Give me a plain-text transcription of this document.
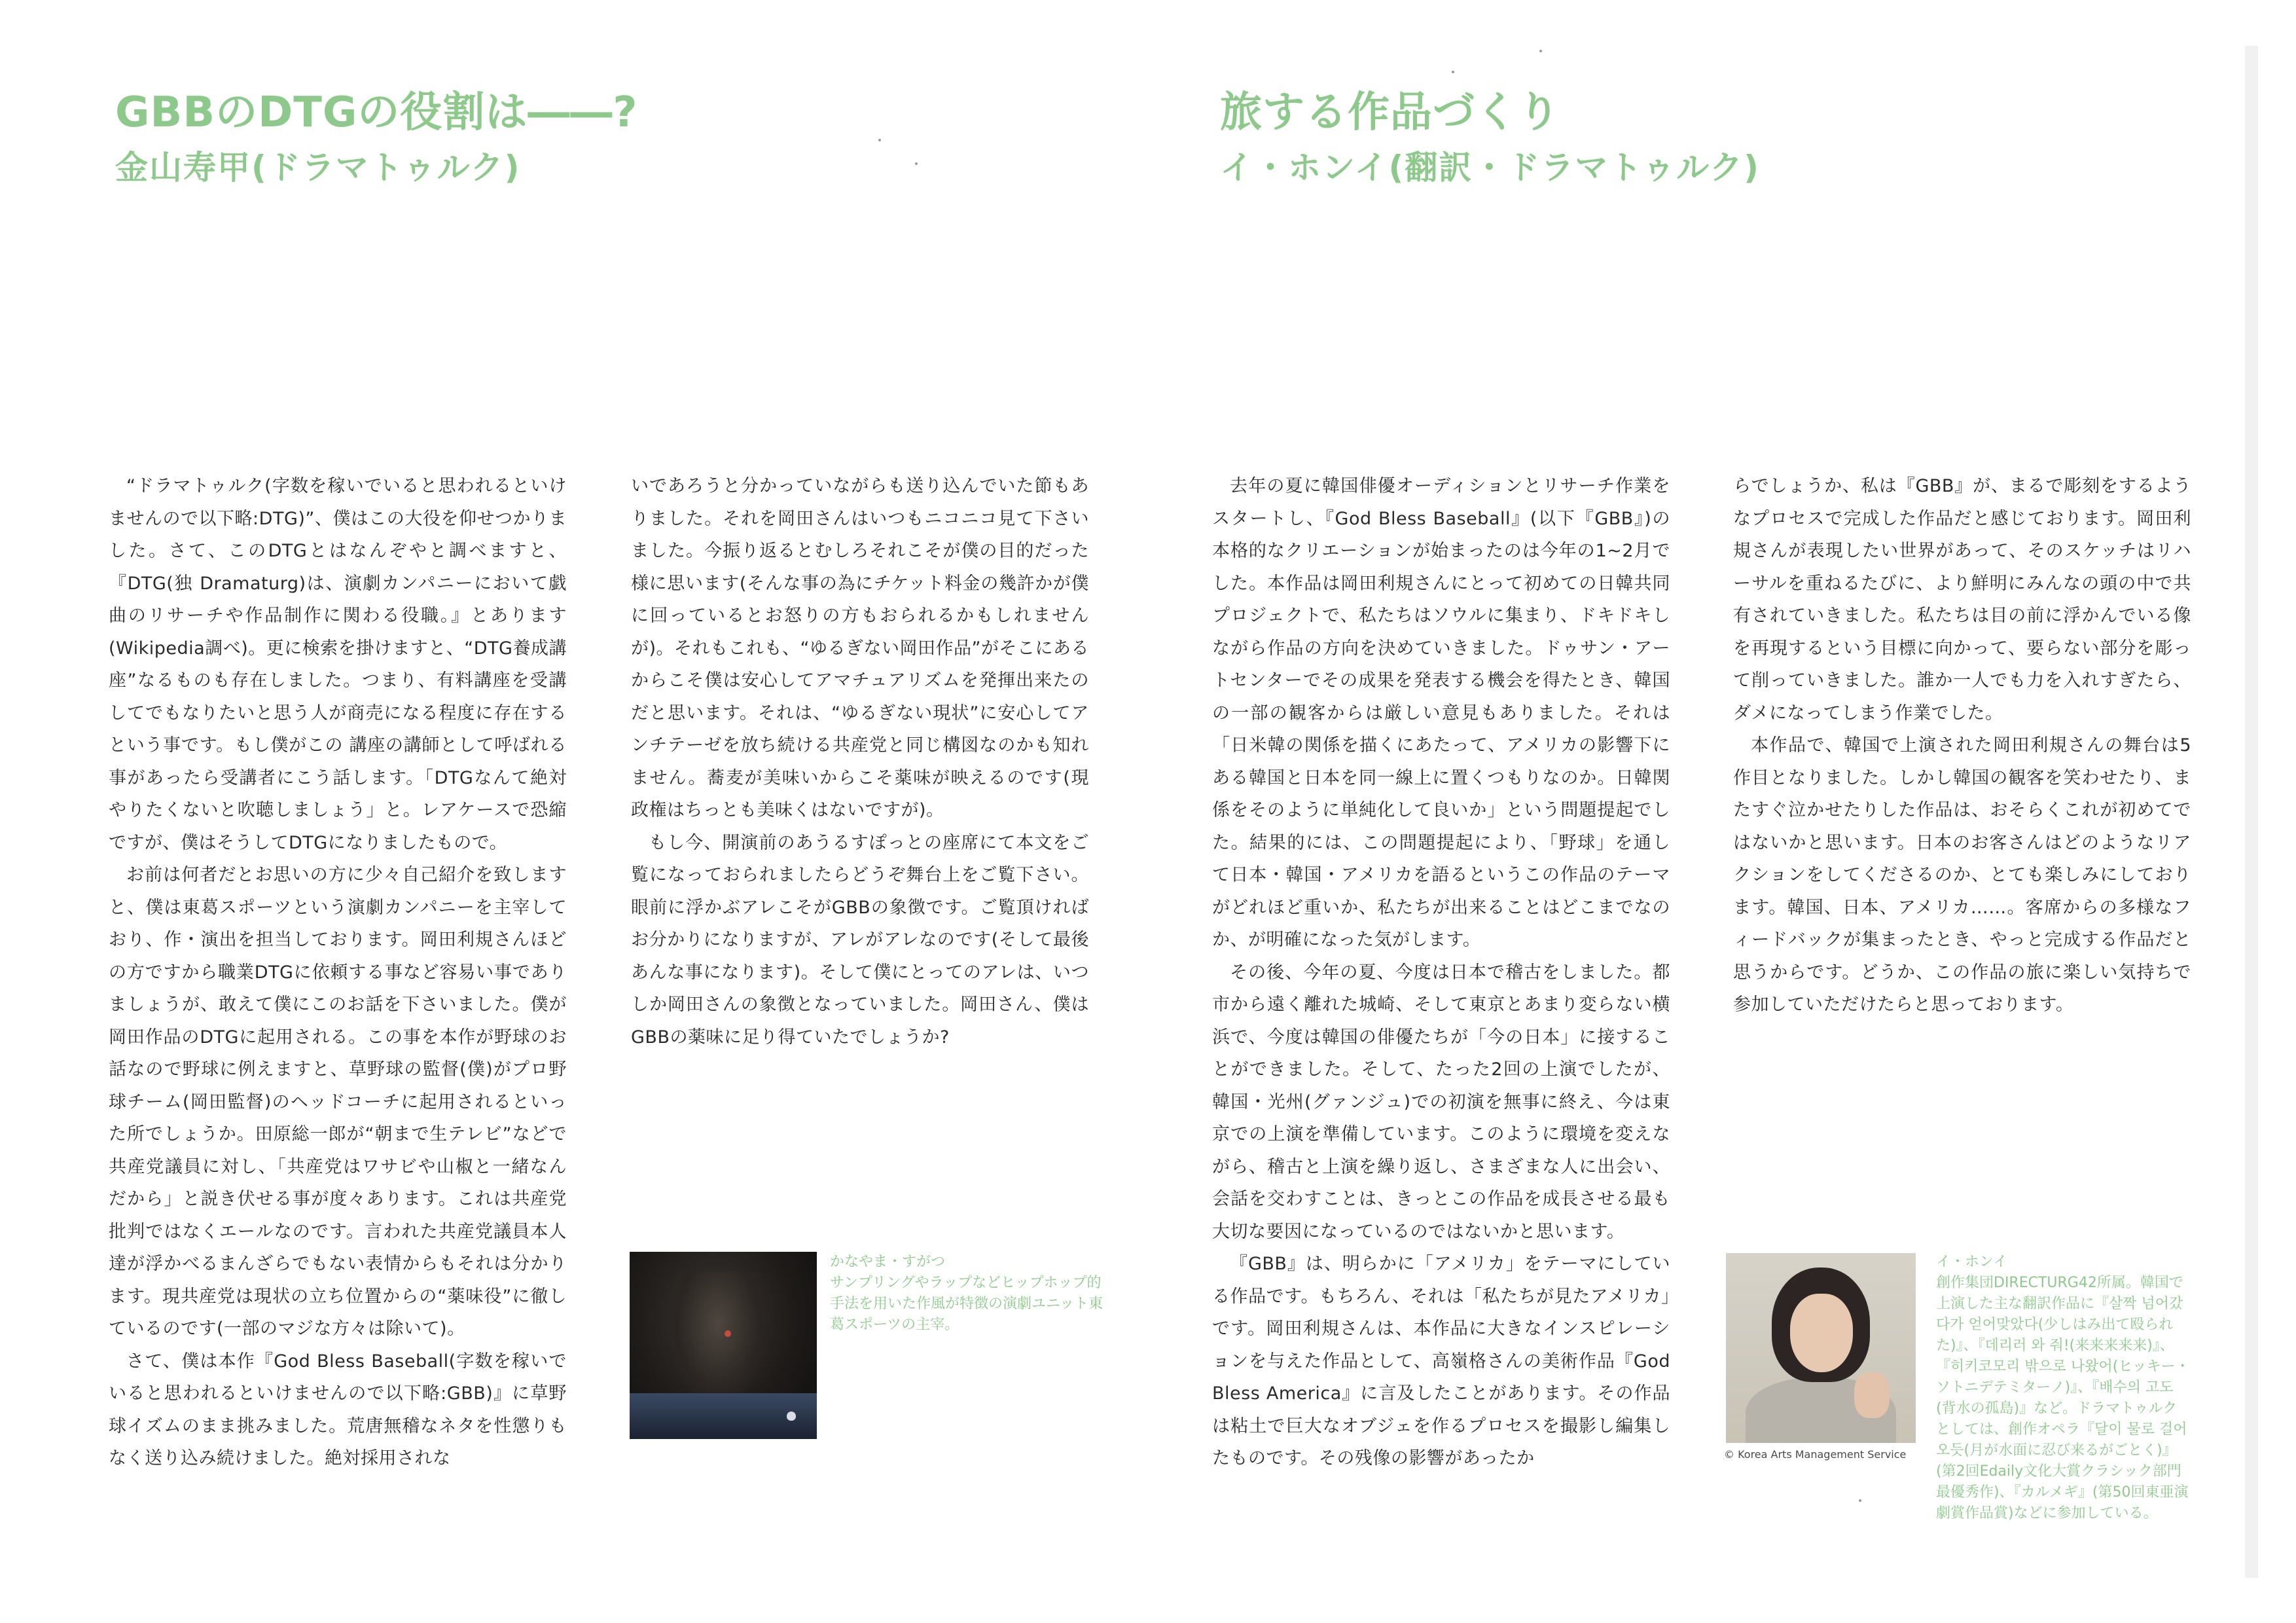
GBBのDTGの役割は――?
金山寿甲(ドラマトゥルク)

“ドラマトゥルク(字数を稼いでいると思われるといけませんので以下略:DTG)”、僕はこの大役を仰せつかりました。さて、このDTGとはなんぞやと調べますと、『DTG(独 Dramaturg)は、演劇カンパニーにおいて戯曲のリサーチや作品制作に関わる役職。』とあります(Wikipedia調べ)。更に検索を掛けますと、“DTG養成講座”なるものも存在しました。つまり、有料講座を受講してでもなりたいと思う人が商売になる程度に存在するという事です。もし僕がこの 講座の講師として呼ばれる事があったら受講者にこう話します。「DTGなんて絶対やりたくないと吹聴しましょう」と。レアケースで恐縮ですが、僕はそうしてDTGになりましたもので。

お前は何者だとお思いの方に少々自己紹介を致しますと、僕は東葛スポーツという演劇カンパニーを主宰しており、作・演出を担当しております。岡田利規さんほどの方ですから職業DTGに依頼する事など容易い事でありましょうが、敢えて僕にこのお話を下さいました。僕が岡田作品のDTGに起用される。この事を本作が野球のお話なので野球に例えますと、草野球の監督(僕)がプロ野球チーム(岡田監督)のヘッドコーチに起用されるといった所でしょうか。田原総一郎が“朝まで生テレビ”などで共産党議員に対し、「共産党はワサビや山椒と一緒なんだから」と説き伏せる事が度々あります。これは共産党批判ではなくエールなのです。言われた共産党議員本人達が浮かべるまんざらでもない表情からもそれは分かります。現共産党は現状の立ち位置からの“薬味役”に徹しているのです(一部のマジな方々は除いて)。

さて、僕は本作『God Bless Baseball(字数を稼いでいると思われるといけませんので以下略:GBB)』に草野球イズムのまま挑みました。荒唐無稽なネタを性懲りもなく送り込み続けました。絶対採用されな

いであろうと分かっていながらも送り込んでいた節もありました。それを岡田さんはいつもニコニコ見て下さいました。今振り返るとむしろそれこそが僕の目的だった様に思います(そんな事の為にチケット料金の幾許かが僕に回っているとお怒りの方もおられるかもしれませんが)。それもこれも、“ゆるぎない岡田作品”がそこにあるからこそ僕は安心してアマチュアリズムを発揮出来たのだと思います。それは、“ゆるぎない現状”に安心してアンチテーゼを放ち続ける共産党と同じ構図なのかも知れません。蕎麦が美味いからこそ薬味が映えるのです(現政権はちっとも美味くはないですが)。

もし今、開演前のあうるすぽっとの座席にて本文をご覧になっておられましたらどうぞ舞台上をご覧下さい。眼前に浮かぶアレこそがGBBの象徴です。ご覧頂ければお分かりになりますが、アレがアレなのです(そして最後あんな事になります)。そして僕にとってのアレは、いつしか岡田さんの象徴となっていました。岡田さん、僕はGBBの薬味に足り得ていたでしょうか?

かなやま・すがつ
サンプリングやラップなどヒップホップ的手法を用いた作風が特徴の演劇ユニット東葛スポーツの主宰。

旅する作品づくり
イ・ホンイ(翻訳・ドラマトゥルク)

去年の夏に韓国俳優オーディションとリサーチ作業をスタートし、『God Bless Baseball』(以下『GBB』)の本格的なクリエーションが始まったのは今年の1~2月でした。本作品は岡田利規さんにとって初めての日韓共同プロジェクトで、私たちはソウルに集まり、ドキドキしながら作品の方向を決めていきました。ドゥサン・アートセンターでその成果を発表する機会を得たとき、韓国の一部の観客からは厳しい意見もありました。それは「日米韓の関係を描くにあたって、アメリカの影響下にある韓国と日本を同一線上に置くつもりなのか。日韓関係をそのように単純化して良いか」という問題提起でした。結果的には、この問題提起により、「野球」を通して日本・韓国・アメリカを語るというこの作品のテーマがどれほど重いか、私たちが出来ることはどこまでなのか、が明確になった気がします。

その後、今年の夏、今度は日本で稽古をしました。都市から遠く離れた城崎、そして東京とあまり変らない横浜で、今度は韓国の俳優たちが「今の日本」に接することができました。そして、たった2回の上演でしたが、韓国・光州(グァンジュ)での初演を無事に終え、今は東京での上演を準備しています。このように環境を変えながら、稽古と上演を繰り返し、さまざまな人に出会い、会話を交わすことは、きっとこの作品を成長させる最も大切な要因になっているのではないかと思います。

『GBB』は、明らかに「アメリカ」をテーマにしている作品です。もちろん、それは「私たちが見たアメリカ」です。岡田利規さんは、本作品に大きなインスピレーションを与えた作品として、高嶺格さんの美術作品『God Bless America』に言及したことがあります。その作品は粘土で巨大なオブジェを作るプロセスを撮影し編集したものです。その残像の影響があったか

らでしょうか、私は『GBB』が、まるで彫刻をするようなプロセスで完成した作品だと感じております。岡田利規さんが表現したい世界があって、そのスケッチはリハーサルを重ねるたびに、より鮮明にみんなの頭の中で共有されていきました。私たちは目の前に浮かんでいる像を再現するという目標に向かって、要らない部分を彫って削っていきました。誰か一人でも力を入れすぎたら、ダメになってしまう作業でした。

本作品で、韓国で上演された岡田利規さんの舞台は5作目となりました。しかし韓国の観客を笑わせたり、またすぐ泣かせたりした作品は、おそらくこれが初めてではないかと思います。日本のお客さんはどのようなリアクションをしてくださるのか、とても楽しみにしております。韓国、日本、アメリカ……。客席からの多様なフィードバックが集まったとき、やっと完成する作品だと思うからです。どうか、この作品の旅に楽しい気持ちで参加していただけたらと思っております。

© Korea Arts Management Service

イ・ホンイ
創作集団DIRECTURG42所属。韓国で上演した主な翻訳作品に『살짝 넘어갔다가 얻어맞았다(少しはみ出て殴られた)』、『데리러 와 줘!(来来来来来)』、『히키코모리 밖으로 나왔어(ヒッキー・ソトニデテミターノ)』、『배수의 고도(背水の孤島)』など。ドラマトゥルクとしては、創作オペラ『달이 물로 걸어오듯(月が水面に忍び来るがごとく)』(第2回Edaily文化大賞クラシック部門最優秀作)、『カルメギ』(第50回東亜演劇賞作品賞)などに参加している。
